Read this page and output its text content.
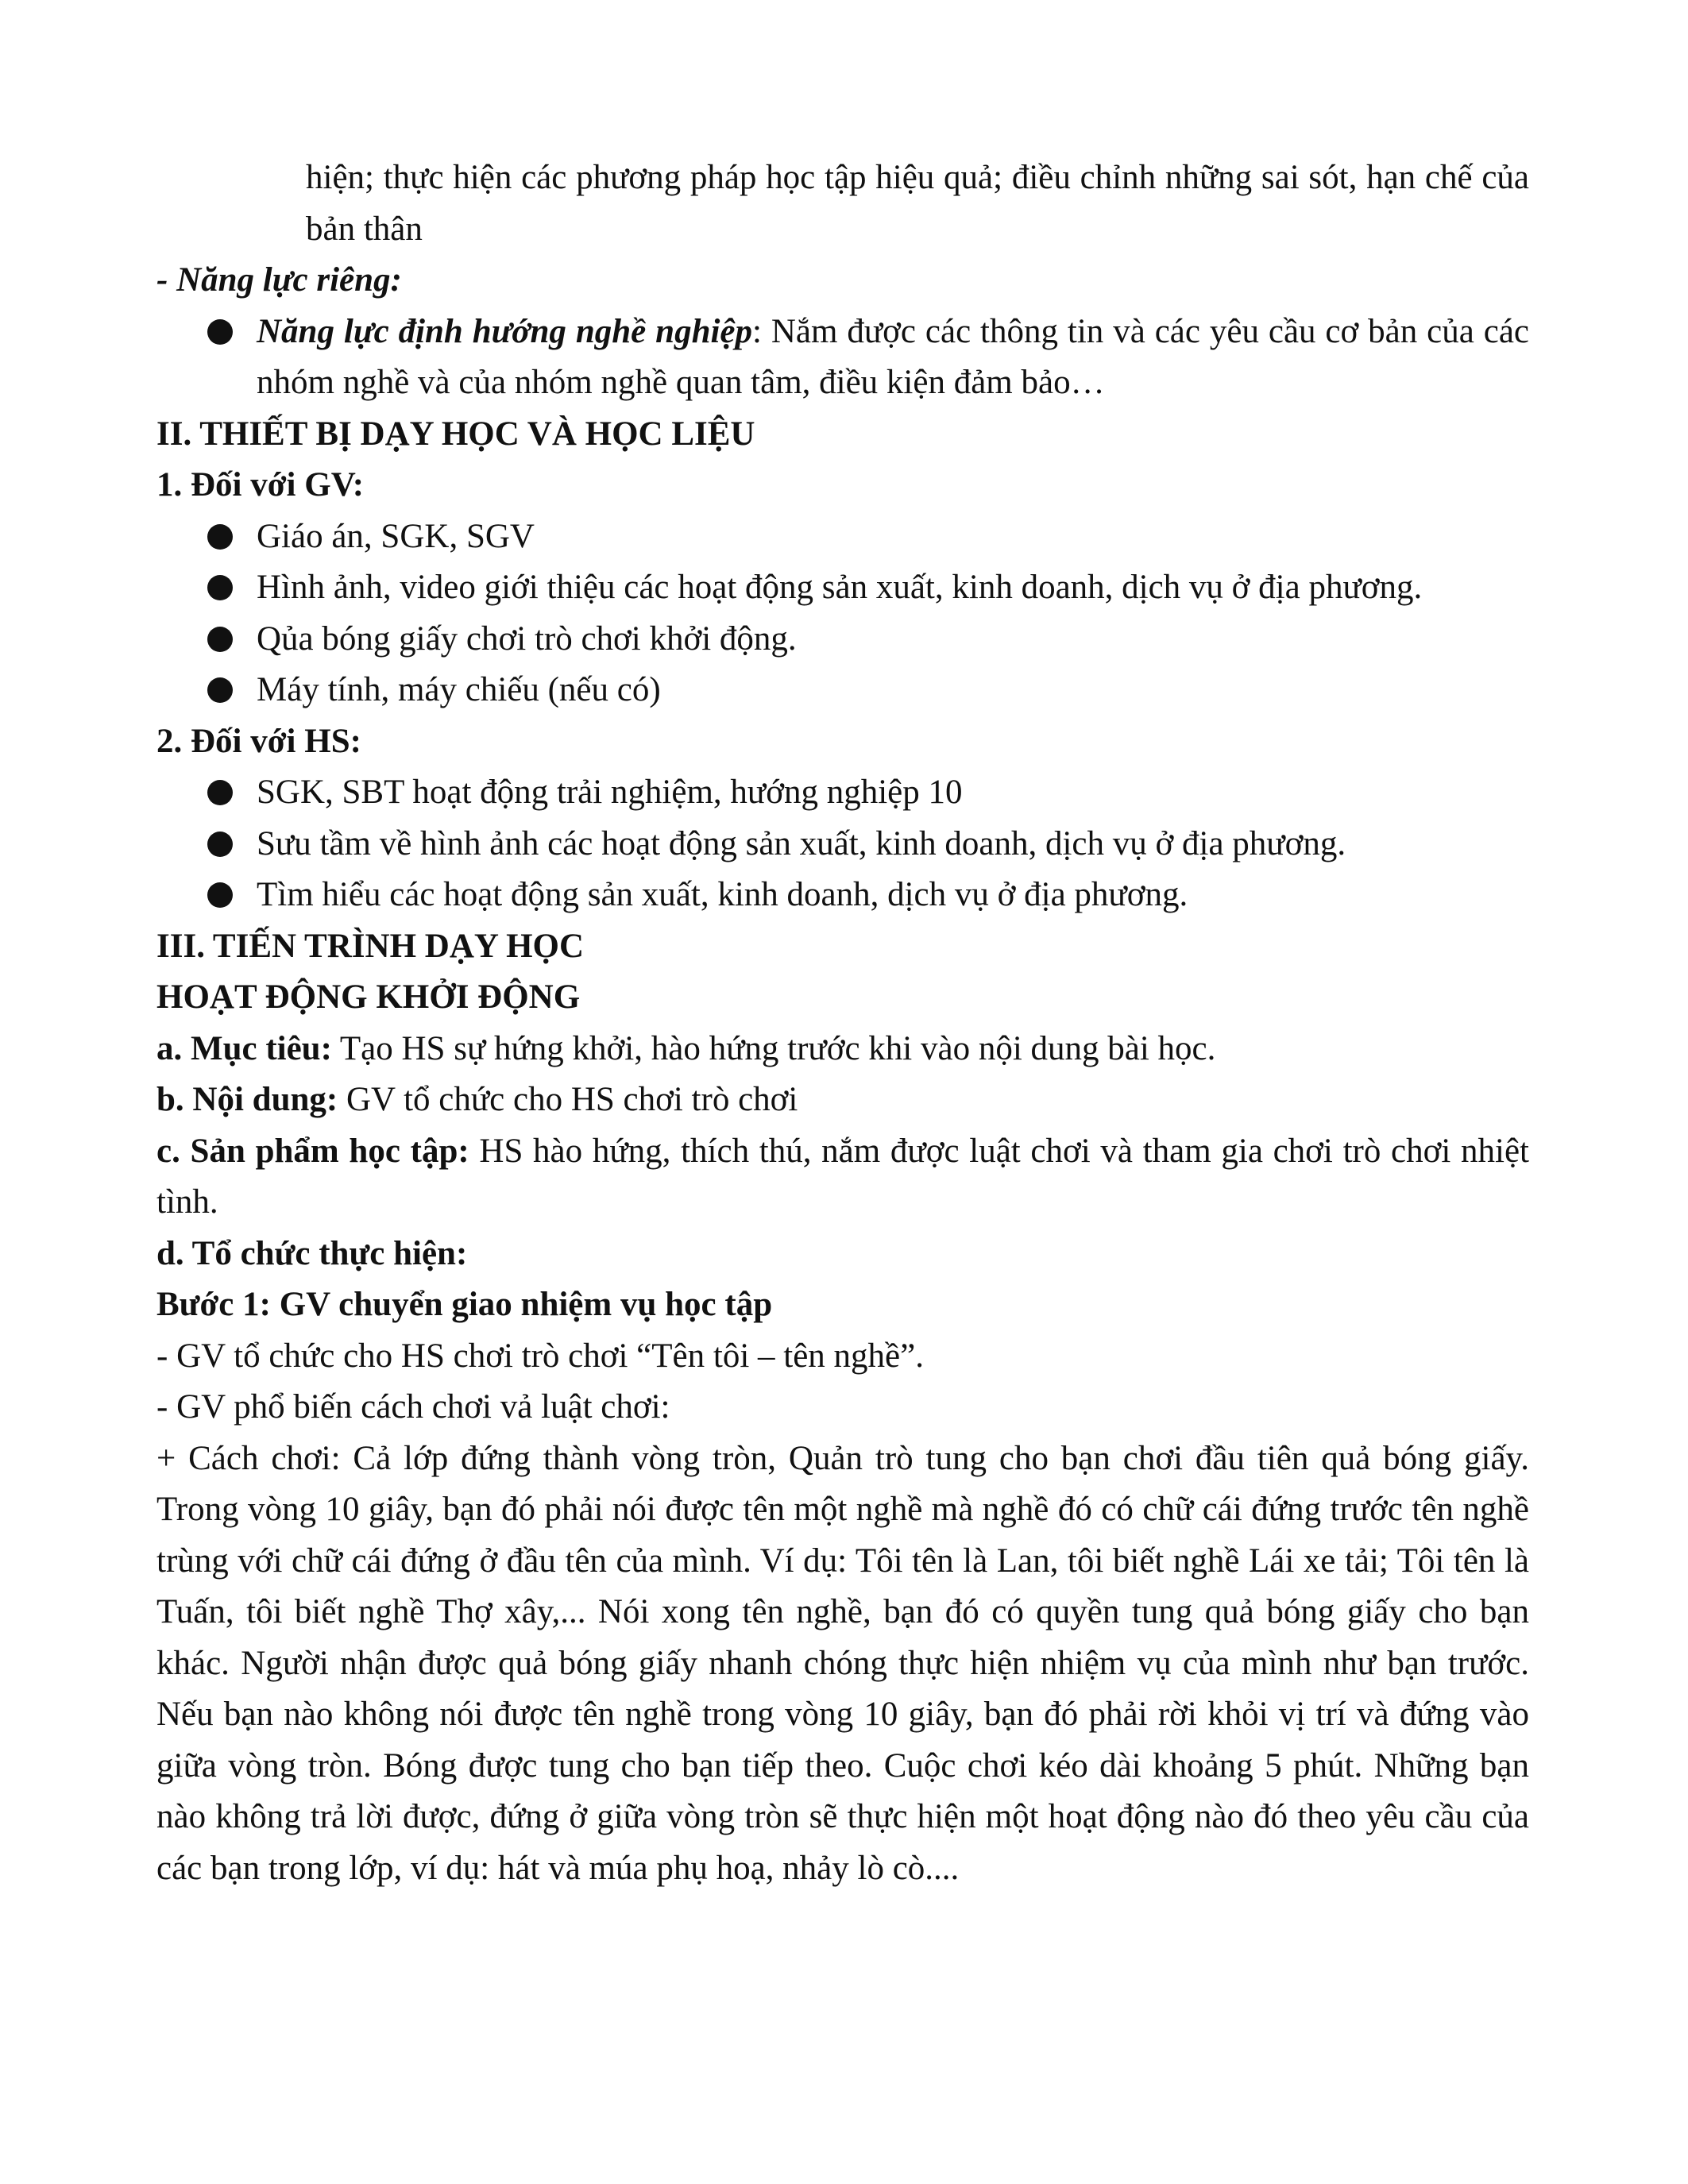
hiện; thực hiện các phương pháp học tập hiệu quả; điều chỉnh những sai sót, hạn chế của bản thân

- Năng lực riêng:

Năng lực định hướng nghề nghiệp: Nắm được các thông tin và các yêu cầu cơ bản của các nhóm nghề và của nhóm nghề quan tâm, điều kiện đảm bảo…

II. THIẾT BỊ DẠY HỌC VÀ HỌC LIỆU

1. Đối với GV:

Giáo án, SGK, SGV
Hình ảnh, video giới thiệu các hoạt động sản xuất, kinh doanh, dịch vụ ở địa phương.
Qủa bóng giấy chơi trò chơi khởi động.
Máy tính, máy chiếu (nếu có)

2. Đối với HS:

SGK, SBT hoạt động trải nghiệm, hướng nghiệp 10
Sưu tầm về hình ảnh các hoạt động sản xuất, kinh doanh, dịch vụ ở địa phương.
Tìm hiểu các hoạt động sản xuất, kinh doanh, dịch vụ ở địa phương.

III. TIẾN TRÌNH DẠY HỌC

HOẠT ĐỘNG KHỞI ĐỘNG

a. Mục tiêu: Tạo HS sự hứng khởi, hào hứng trước khi vào nội dung bài học.

b. Nội dung: GV tổ chức cho HS chơi trò chơi

c. Sản phẩm học tập: HS hào hứng, thích thú, nắm được luật chơi và tham gia chơi trò chơi nhiệt tình.

d. Tổ chức thực hiện:

Bước 1: GV chuyển giao nhiệm vụ học tập

- GV tổ chức cho HS chơi trò chơi “Tên tôi – tên nghề”.

- GV phổ biến cách chơi vả luật chơi:

+ Cách chơi: Cả lớp đứng thành vòng tròn, Quản trò tung cho bạn chơi đầu tiên quả bóng giấy. Trong vòng 10 giây, bạn đó phải nói được tên một nghề mà nghề đó có chữ cái đứng trước tên nghề trùng với chữ cái đứng ở đầu tên của mình. Ví dụ: Tôi tên là Lan, tôi biết nghề Lái xe tải; Tôi tên là Tuấn, tôi biết nghề Thợ xây,... Nói xong tên nghề, bạn đó có quyền tung quả bóng giấy cho bạn khác. Người nhận được quả bóng giấy nhanh chóng thực hiện nhiệm vụ của mình như bạn trước. Nếu bạn nào không nói được tên nghề trong vòng 10 giây, bạn đó phải rời khỏi vị trí và đứng vào giữa vòng tròn. Bóng được tung cho bạn tiếp theo. Cuộc chơi kéo dài khoảng 5 phút. Những bạn nào không trả lời được, đứng ở giữa vòng tròn sẽ thực hiện một hoạt động nào đó theo yêu cầu của các bạn trong lớp, ví dụ: hát và múa phụ hoạ, nhảy lò cò....
